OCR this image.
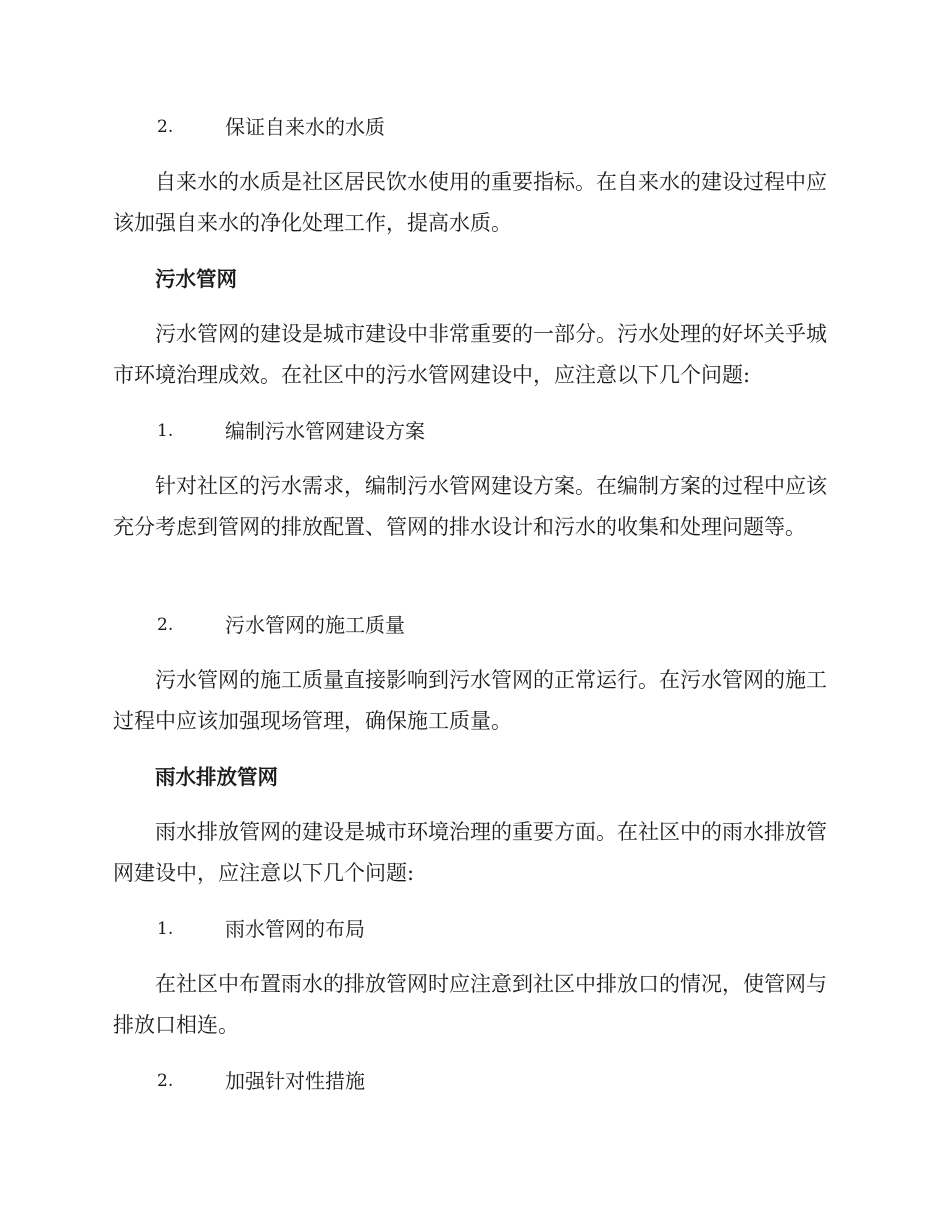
2.	保证自来水的水质
自来水的水质是社区居民饮水使用的重要指标。在自来水的建设过程中应该加强自来水的净化处理工作，提高水质。
污水管网
污水管网的建设是城市建设中非常重要的一部分。污水处理的好坏关乎城市环境治理成效。在社区中的污水管网建设中，应注意以下几个问题:
1.	编制污水管网建设方案
针对社区的污水需求，编制污水管网建设方案。在编制方案的过程中应该充分考虑到管网的排放配置、管网的排水设计和污水的收集和处理问题等。
2.	污水管网的施工质量
污水管网的施工质量直接影响到污水管网的正常运行。在污水管网的施工过程中应该加强现场管理，确保施工质量。
雨水排放管网
雨水排放管网的建设是城市环境治理的重要方面。在社区中的雨水排放管网建设中，应注意以下几个问题:
1.	雨水管网的布局
在社区中布置雨水的排放管网时应注意到社区中排放口的情况，使管网与排放口相连。
2.	加强针对性措施
